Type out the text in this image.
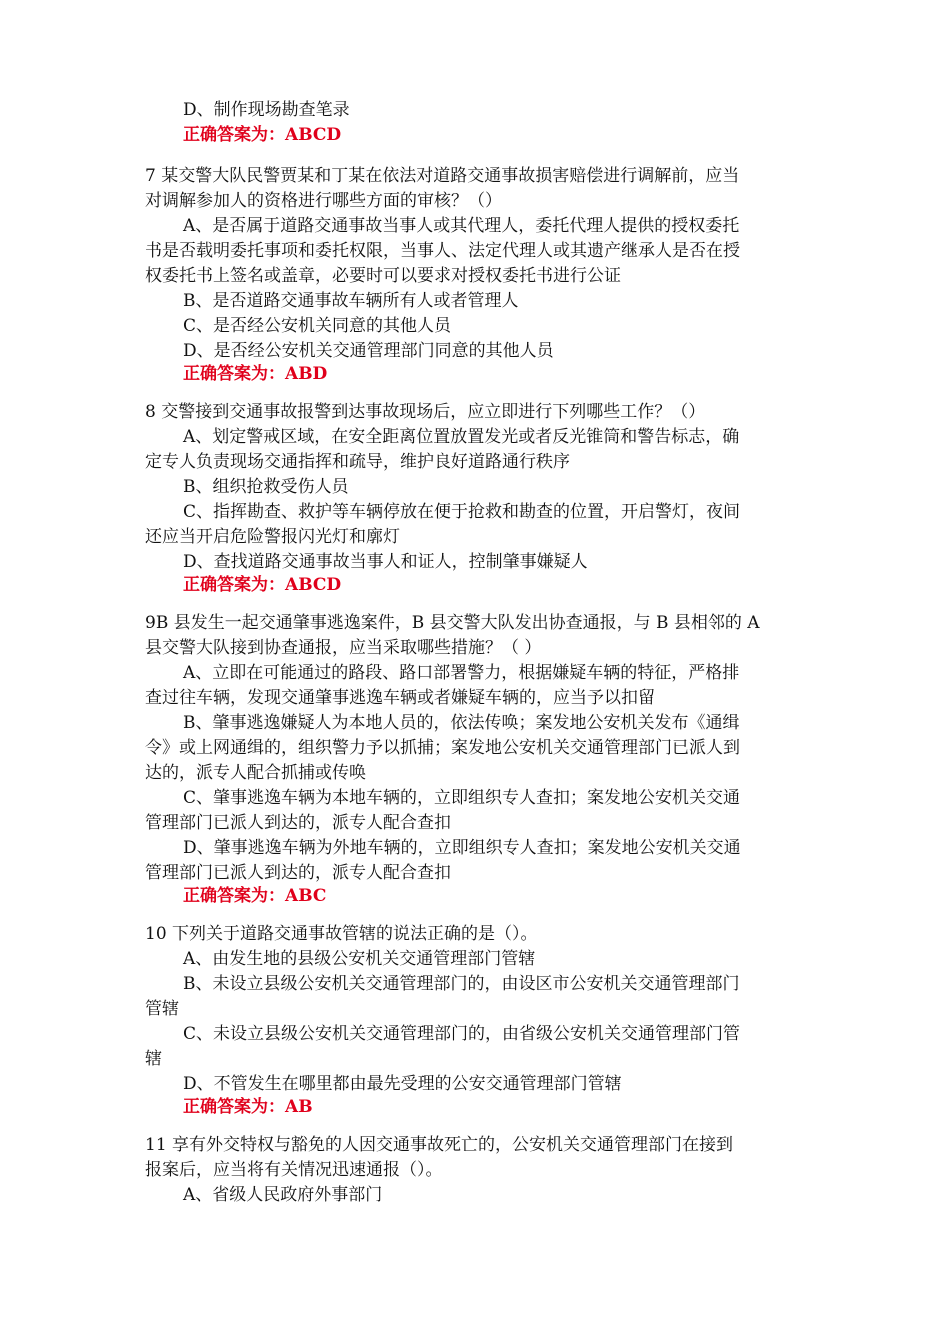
D、制作现场勘查笔录
正确答案为：ABCD
7 某交警大队民警贾某和丁某在依法对道路交通事故损害赔偿进行调解前，应当
对调解参加人的资格进行哪些方面的审核？（）
A、是否属于道路交通事故当事人或其代理人，委托代理人提供的授权委托
书是否载明委托事项和委托权限，当事人、法定代理人或其遗产继承人是否在授
权委托书上签名或盖章，必要时可以要求对授权委托书进行公证
B、是否道路交通事故车辆所有人或者管理人
C、是否经公安机关同意的其他人员
D、是否经公安机关交通管理部门同意的其他人员
正确答案为：ABD
8 交警接到交通事故报警到达事故现场后，应立即进行下列哪些工作？（）
A、划定警戒区域，在安全距离位置放置发光或者反光锥筒和警告标志，确
定专人负责现场交通指挥和疏导，维护良好道路通行秩序
B、组织抢救受伤人员
C、指挥勘查、救护等车辆停放在便于抢救和勘查的位置，开启警灯，夜间
还应当开启危险警报闪光灯和廓灯
D、查找道路交通事故当事人和证人，控制肇事嫌疑人
正确答案为：ABCD
9B 县发生一起交通肇事逃逸案件，B 县交警大队发出协查通报，与 B 县相邻的 A
县交警大队接到协查通报，应当采取哪些措施？（ ）
A、立即在可能通过的路段、路口部署警力，根据嫌疑车辆的特征，严格排
查过往车辆，发现交通肇事逃逸车辆或者嫌疑车辆的，应当予以扣留
B、肇事逃逸嫌疑人为本地人员的，依法传唤；案发地公安机关发布《通缉
令》或上网通缉的，组织警力予以抓捕；案发地公安机关交通管理部门已派人到
达的，派专人配合抓捕或传唤
C、肇事逃逸车辆为本地车辆的，立即组织专人查扣；案发地公安机关交通
管理部门已派人到达的，派专人配合查扣
D、肇事逃逸车辆为外地车辆的，立即组织专人查扣；案发地公安机关交通
管理部门已派人到达的，派专人配合查扣
正确答案为：ABC
10 下列关于道路交通事故管辖的说法正确的是（）。
A、由发生地的县级公安机关交通管理部门管辖
B、未设立县级公安机关交通管理部门的，由设区市公安机关交通管理部门
管辖
C、未设立县级公安机关交通管理部门的，由省级公安机关交通管理部门管
辖
D、不管发生在哪里都由最先受理的公安交通管理部门管辖
正确答案为：AB
11 享有外交特权与豁免的人因交通事故死亡的，公安机关交通管理部门在接到
报案后，应当将有关情况迅速通报（）。
A、省级人民政府外事部门
